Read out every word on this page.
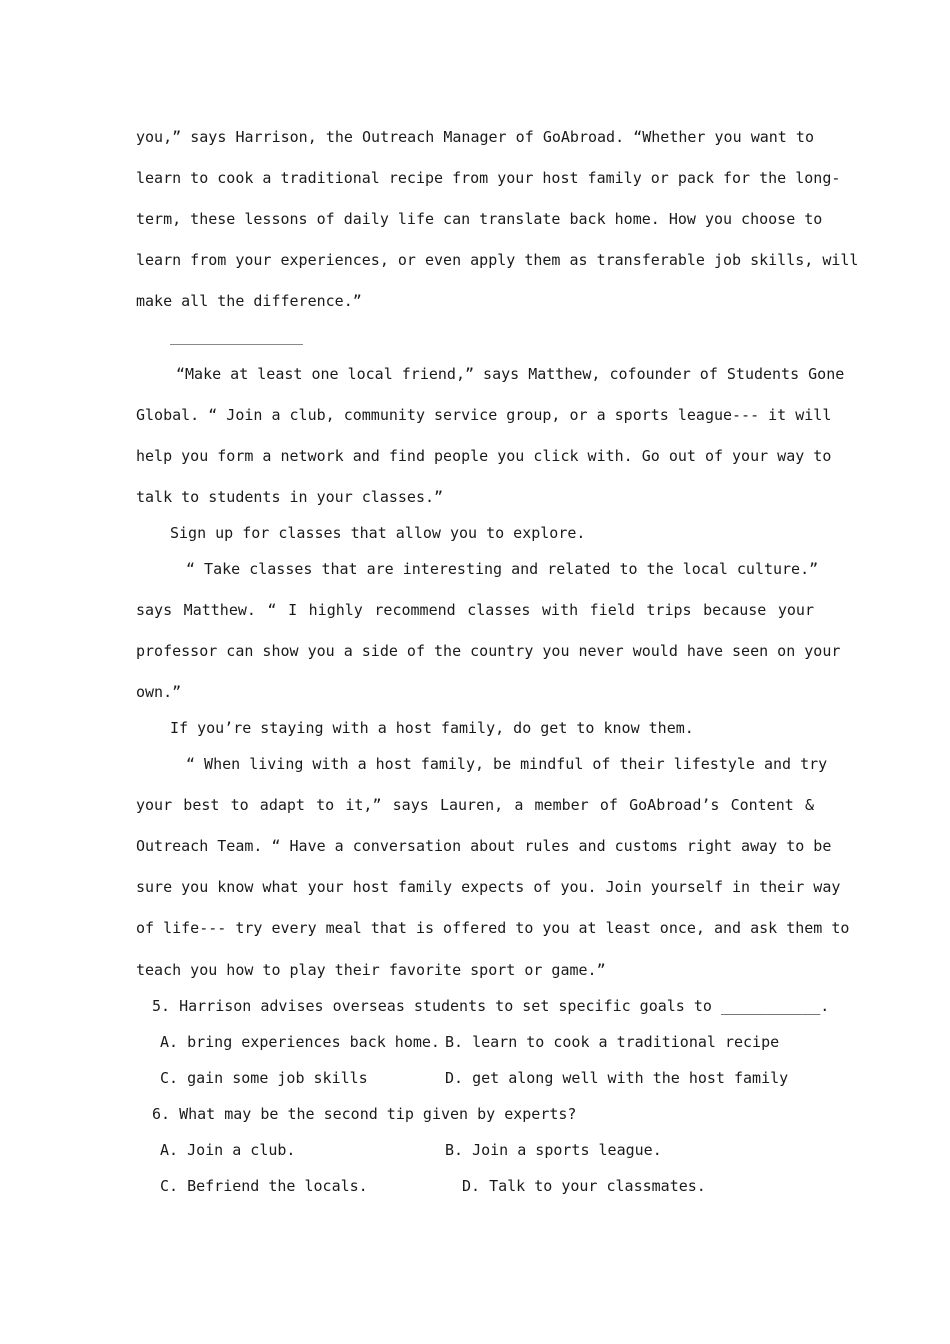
you,” says Harrison, the Outreach Manager of GoAbroad. “Whether you want to
learn to cook a traditional recipe from your host family or pack for the long-
term, these lessons of daily life can translate back home. How you choose to
learn from your experiences, or even apply them as transferable job skills, will
make all the difference.”
“Make at least one local friend,” says Matthew, cofounder of Students Gone
Global. “ Join a club, community service group, or a sports league--- it will
help you form a network and find people you click with. Go out of your way to
talk to students in your classes.”
Sign up for classes that allow you to explore.
“ Take classes that are interesting and related to the local culture.”
says Matthew. “ I highly recommend classes with field trips because your
professor can show you a side of the country you never would have seen on your
own.”
If you’re staying with a host family, do get to know them.
“ When living with a host family, be mindful of their lifestyle and try
your best to adapt to it,” says Lauren, a member of GoAbroad’s Content &
Outreach Team. “ Have a conversation about rules and customs right away to be
sure you know what your host family expects of you. Join yourself in their way
of life--- try every meal that is offered to you at least once, and ask them to
teach you how to play their favorite sport or game.”
5. Harrison advises overseas students to set specific goals to ___________.
A. bring experiences back home. B. learn to cook a traditional recipe
C. gain some job skills	D. get along well with the host family
6. What may be the second tip given by experts?
A. Join a club.	B. Join a sports league.
C. Befriend the locals.	D. Talk to your classmates.
